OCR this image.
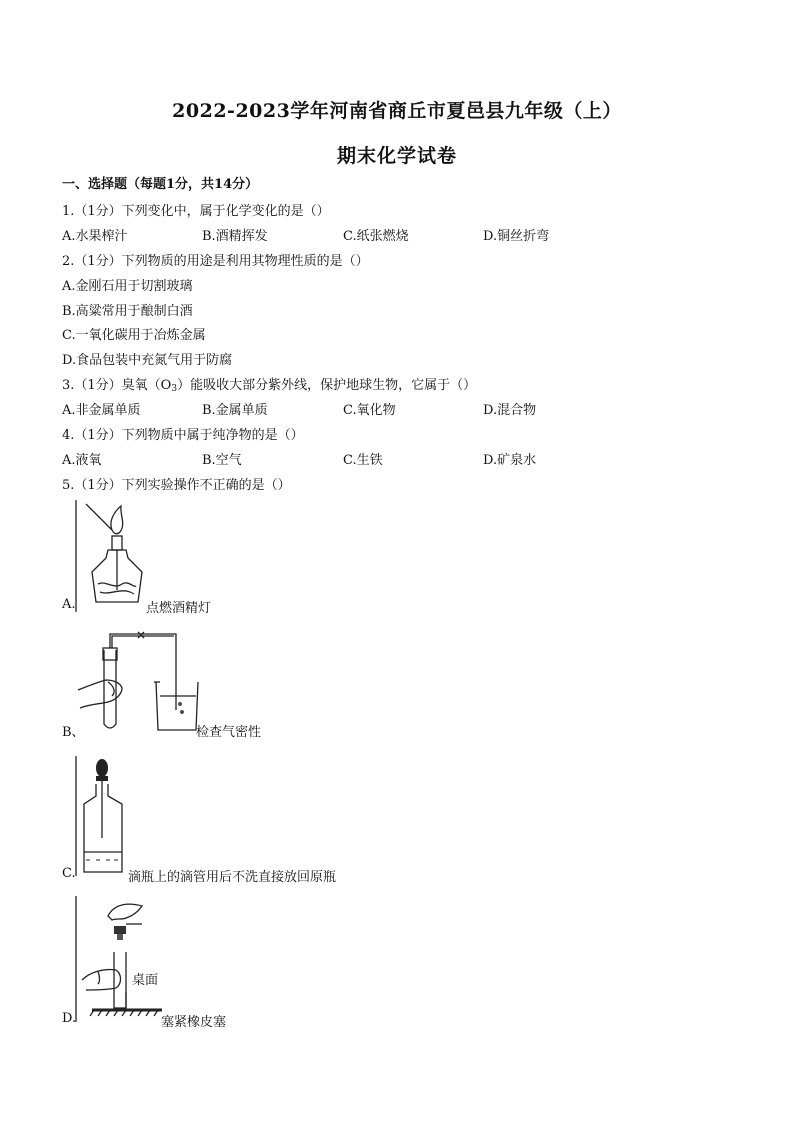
2022-2023学年河南省商丘市夏邑县九年级（上）
期末化学试卷
一、选择题（每题1分，共14分）
1.（1分）下列变化中，属于化学变化的是（）
A.水果榨汁	B.酒精挥发	C.纸张燃烧	D.铜丝折弯
2.（1分）下列物质的用途是利用其物理性质的是（）
A.金刚石用于切割玻璃
B.高粱常用于酿制白酒
C.一氧化碳用于冶炼金属
D.食品包装中充氮气用于防腐
3.（1分）臭氧$(O_3)$能吸收大部分紫外线，保护地球生物，它属于（）
A.非金属单质	B.金属单质	C.氧化物	D.混合物
4.（1分）下列物质中属于纯净物的是（）
A.液氧	B.空气	C.生铁	D.矿泉水
5.（1分）下列实验操作不正确的是（）
A.	点燃酒精灯
B、	检查气密性
C.	滴瓶上的滴管用后不洗直接放回原瓶
D.
桌面
塞紧橡皮塞
